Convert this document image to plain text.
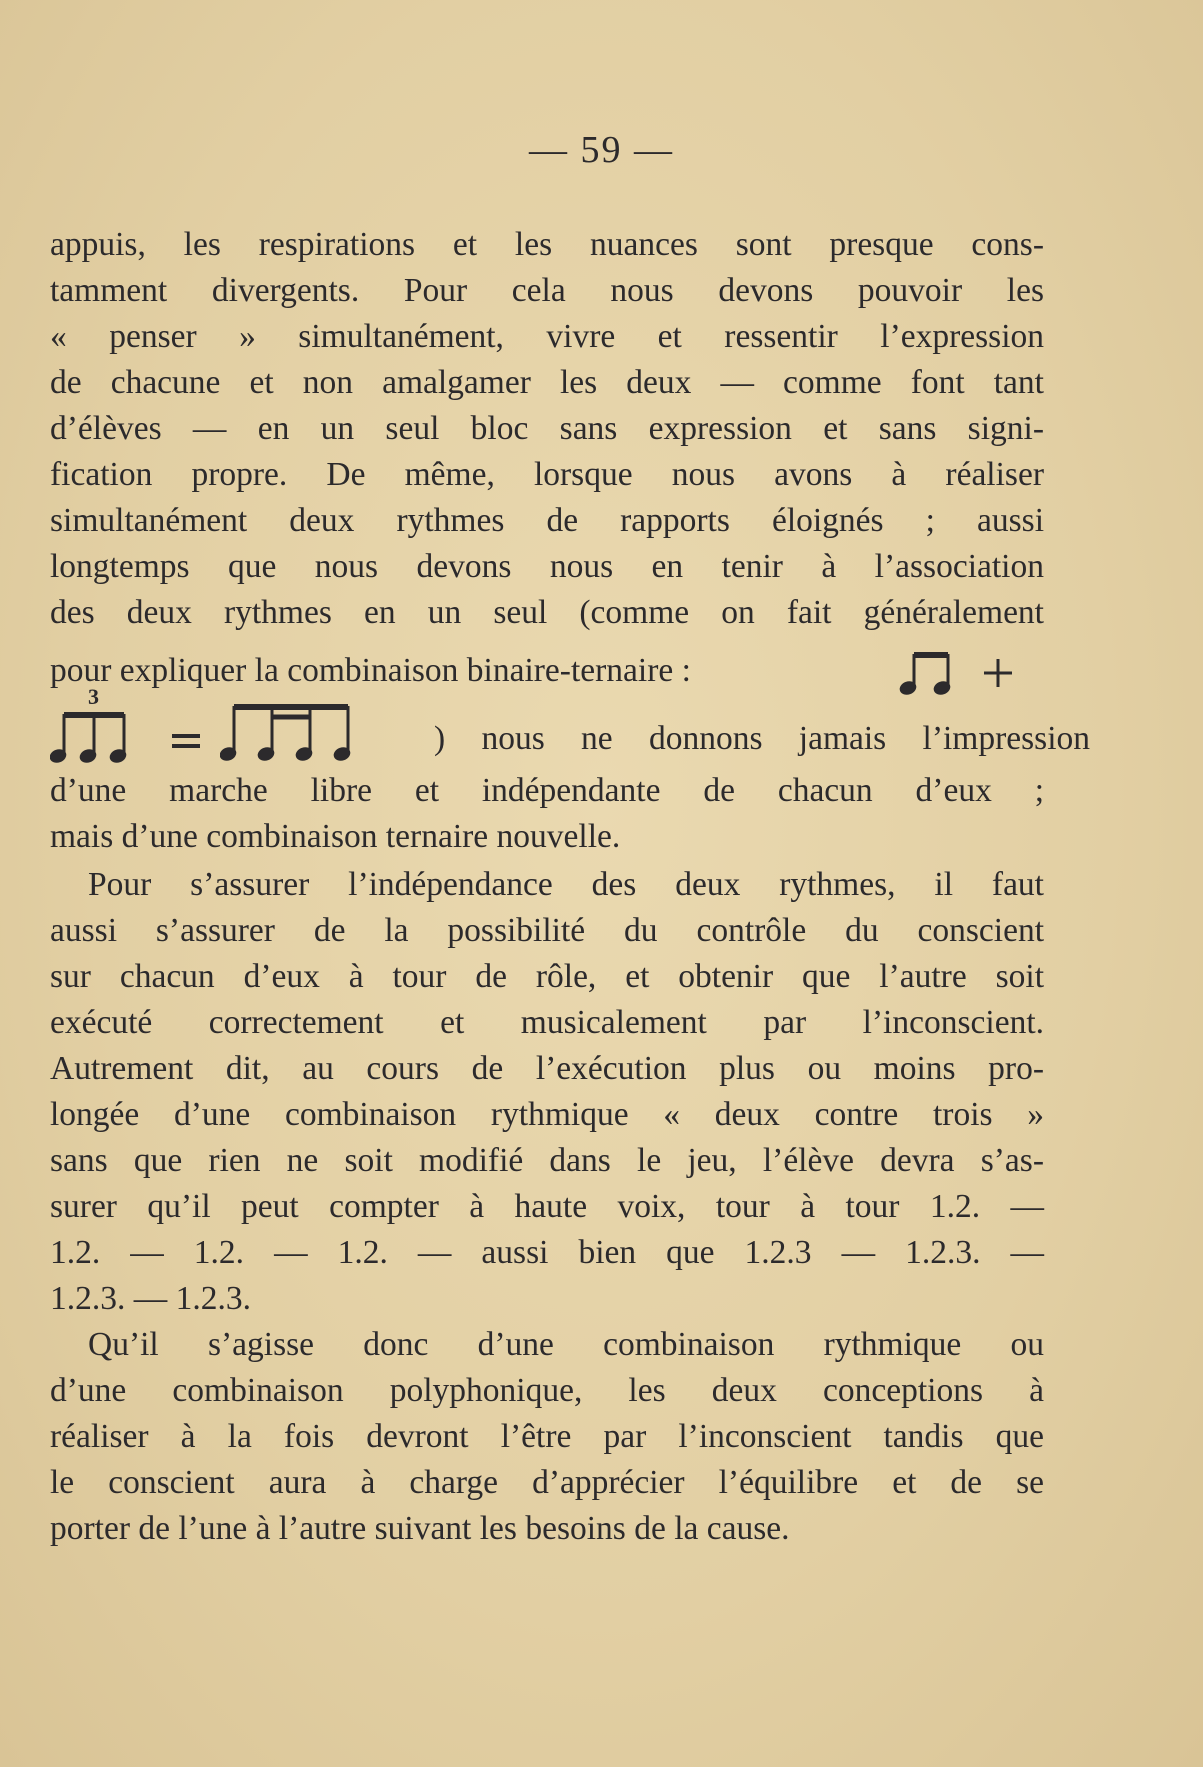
— 59 —
appuis, les respirations et les nuances sont presque cons-
tamment divergents. Pour cela nous devons pouvoir les
« penser » simultanément, vivre et ressentir l’expression
de chacune et non amalgamer les deux — comme font tant
d’élèves — en un seul bloc sans expression et sans signi-
fication propre. De même, lorsque nous avons à réaliser
simultanément deux rythmes de rapports éloignés ; aussi
longtemps que nous devons nous en tenir à l’association
des deux rythmes en un seul (comme on fait généralement
pour expliquer la combinaison binaire-ternaire :
3
) nous ne donnons jamais l’impression
d’une marche libre et indépendante de chacun d’eux ;
mais d’une combinaison ternaire nouvelle.
Pour s’assurer l’indépendance des deux rythmes, il faut
aussi s’assurer de la possibilité du contrôle du conscient
sur chacun d’eux à tour de rôle, et obtenir que l’autre soit
exécuté correctement et musicalement par l’inconscient.
Autrement dit, au cours de l’exécution plus ou moins pro-
longée d’une combinaison rythmique « deux contre trois »
sans que rien ne soit modifié dans le jeu, l’élève devra s’as-
surer qu’il peut compter à haute voix, tour à tour 1.2. —
1.2. — 1.2. — 1.2. — aussi bien que 1.2.3 — 1.2.3. —
1.2.3. — 1.2.3.
Qu’il s’agisse donc d’une combinaison rythmique ou
d’une combinaison polyphonique, les deux conceptions à
réaliser à la fois devront l’être par l’inconscient tandis que
le conscient aura à charge d’apprécier l’équilibre et de se
porter de l’une à l’autre suivant les besoins de la cause.
